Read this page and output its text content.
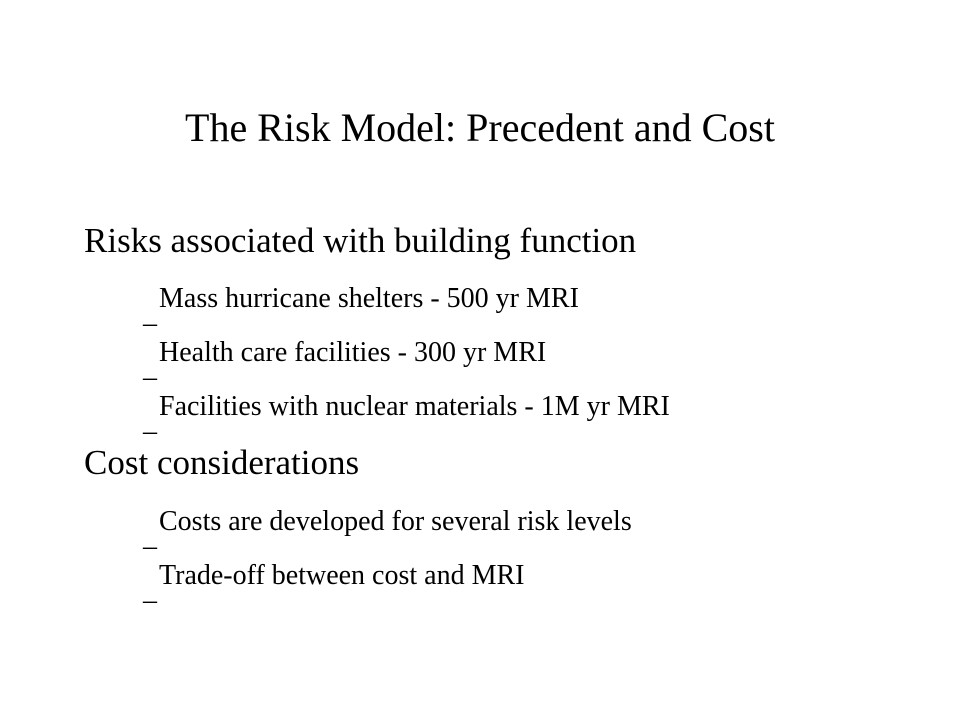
The Risk Model: Precedent and Cost
Risks associated with building function
–
Mass hurricane shelters - 500 yr MRI
–
Health care facilities - 300 yr MRI
–
Facilities with nuclear materials - 1M yr MRI
Cost considerations
–
Costs are developed for several risk levels
–
Trade-off between cost and MRI
